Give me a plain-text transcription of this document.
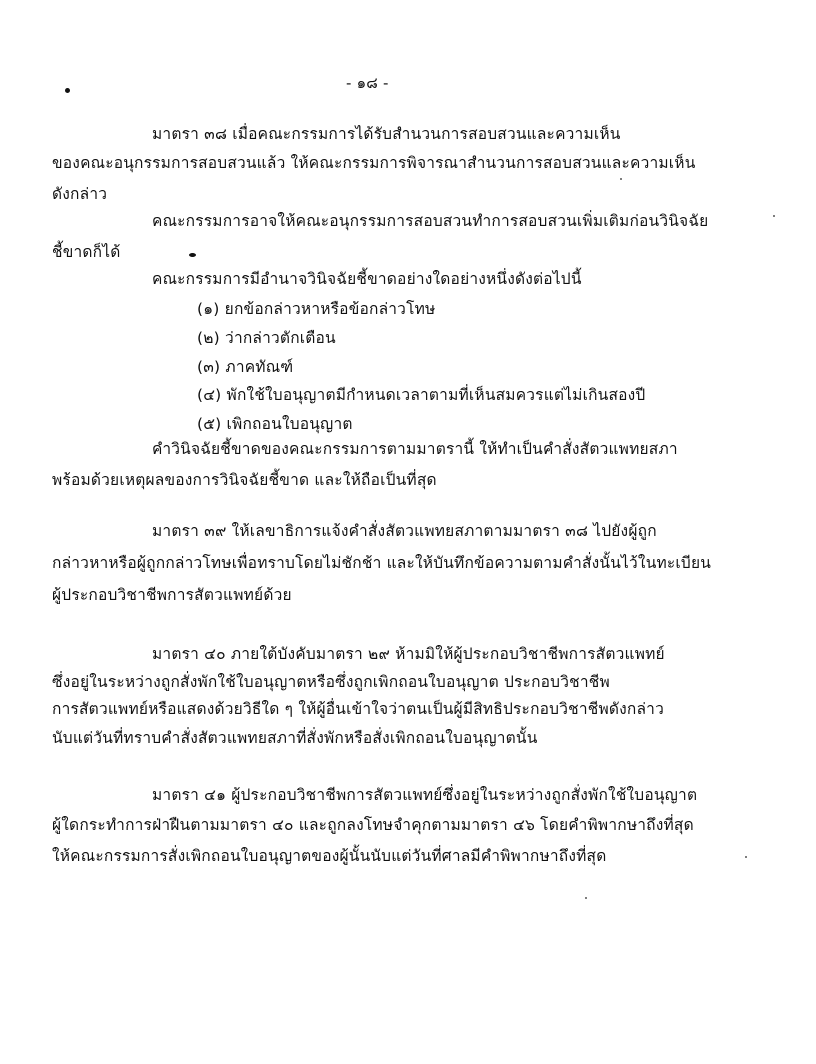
- ๑๘ -
มาตรา ๓๘ เมื่อคณะกรรมการได้รับสำนวนการสอบสวนและความเห็น
ของคณะอนุกรรมการสอบสวนแล้ว ให้คณะกรรมการพิจารณาสำนวนการสอบสวนและความเห็น
ดังกล่าว
คณะกรรมการอาจให้คณะอนุกรรมการสอบสวนทำการสอบสวนเพิ่มเติมก่อนวินิจฉัย
ชี้ขาดก็ได้
คณะกรรมการมีอำนาจวินิจฉัยชี้ขาดอย่างใดอย่างหนึ่งดังต่อไปนี้
(๑) ยกข้อกล่าวหาหรือข้อกล่าวโทษ
(๒) ว่ากล่าวตักเตือน
(๓) ภาคทัณฑ์
(๔) พักใช้ใบอนุญาตมีกำหนดเวลาตามที่เห็นสมควรแต่ไม่เกินสองปี
(๕) เพิกถอนใบอนุญาต
คำวินิจฉัยชี้ขาดของคณะกรรมการตามมาตรานี้ ให้ทำเป็นคำสั่งสัตวแพทยสภา
พร้อมด้วยเหตุผลของการวินิจฉัยชี้ขาด และให้ถือเป็นที่สุด
มาตรา ๓๙ ให้เลขาธิการแจ้งคำสั่งสัตวแพทยสภาตามมาตรา ๓๘ ไปยังผู้ถูก
กล่าวหาหรือผู้ถูกกล่าวโทษเพื่อทราบโดยไม่ชักช้า และให้บันทึกข้อความตามคำสั่งนั้นไว้ในทะเบียน
ผู้ประกอบวิชาชีพการสัตวแพทย์ด้วย
มาตรา ๔๐ ภายใต้บังคับมาตรา ๒๙ ห้ามมิให้ผู้ประกอบวิชาชีพการสัตวแพทย์
ซึ่งอยู่ในระหว่างถูกสั่งพักใช้ใบอนุญาตหรือซึ่งถูกเพิกถอนใบอนุญาต ประกอบวิชาชีพ
การสัตวแพทย์หรือแสดงด้วยวิธีใด ๆ ให้ผู้อื่นเข้าใจว่าตนเป็นผู้มีสิทธิประกอบวิชาชีพดังกล่าว
นับแต่วันที่ทราบคำสั่งสัตวแพทยสภาที่สั่งพักหรือสั่งเพิกถอนใบอนุญาตนั้น
มาตรา ๔๑ ผู้ประกอบวิชาชีพการสัตวแพทย์ซึ่งอยู่ในระหว่างถูกสั่งพักใช้ใบอนุญาต
ผู้ใดกระทำการฝ่าฝืนตามมาตรา ๔๐ และถูกลงโทษจำคุกตามมาตรา ๔๖ โดยคำพิพากษาถึงที่สุด
ให้คณะกรรมการสั่งเพิกถอนใบอนุญาตของผู้นั้นนับแต่วันที่ศาลมีคำพิพากษาถึงที่สุด
